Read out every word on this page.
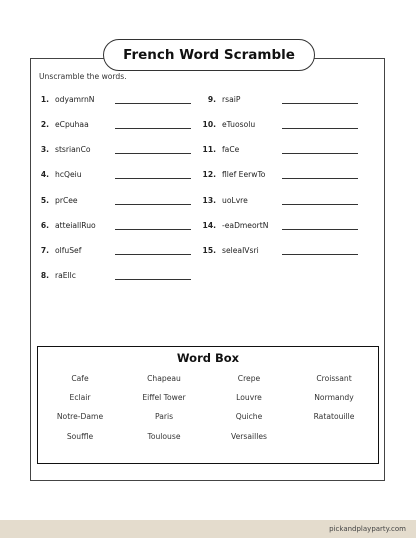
French Word Scramble
Unscramble the words.
1. odyamrnN
2. eCpuhaa
3. stsrianCo
4. hcQeiu
5. prCee
6. atteiallRuo
7. olfuSef
8. raEllc
9. rsaiP
10. eTuosolu
11. faCe
12. fllef EerwTo
13. uoLvre
14. -eaDmeortN
15. seleaIVsri
Word Box
Cafe	Chapeau	Crepe	Croissant
Eclair	Eiffel Tower	Louvre	Normandy
Notre-Dame	Paris	Quiche	Ratatouille
Souffle	Toulouse	Versailles
pickandplayparty.com
